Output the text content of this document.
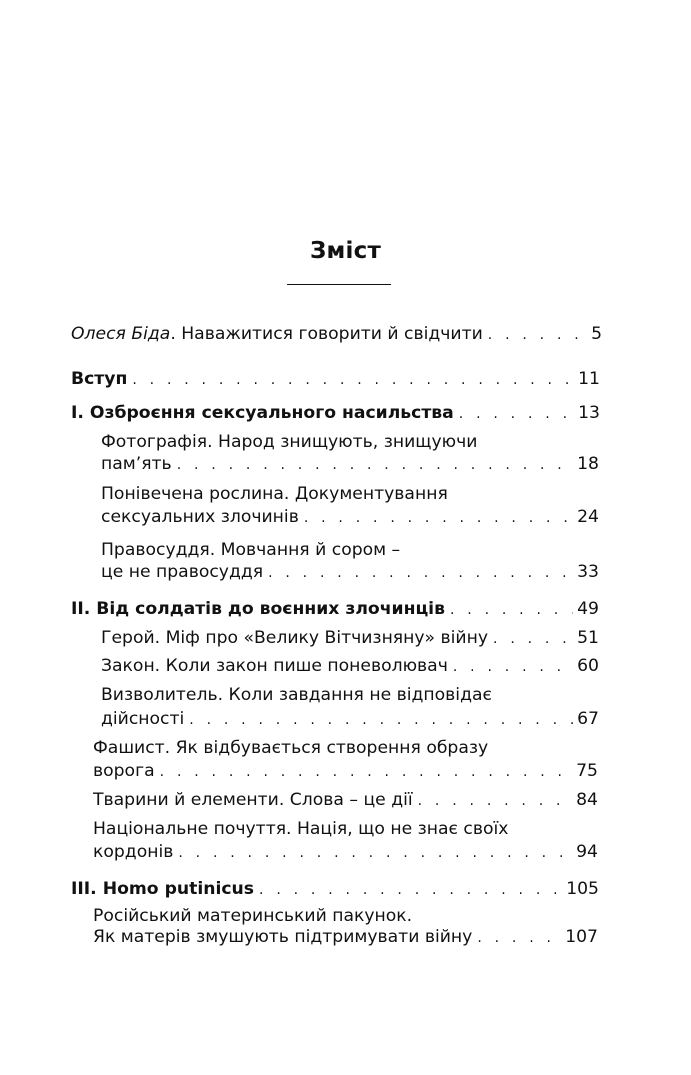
Зміст
Олеся Біда. Наважитися говорити й свідчити . . .	5
Вступ . . .	11
I. Озброєння сексуального насильства . . .	13
Фотографія. Народ знищують, знищуючи
пам’ять . . .	18
Понівечена рослина. Документування
сексуальних злочинів . . .	24
Правосуддя. Мовчання й сором –
це не правосуддя . . .	33
II. Від солдатів до воєнних злочинців . . .	49
Герой. Міф про «Велику Вітчизняну» війну . . .	51
Закон. Коли закон пише поневолювач . . .	60
Визволитель. Коли завдання не відповідає
дійсності . . .	67
Фашист. Як відбувається створення образу
ворога . . .	75
Тварини й елементи. Слова – це дії . . .	84
Національне почуття. Нація, що не знає своїх
кордонів . . .	94
III. Homo putinicus . . .	105
Російський материнський пакунок.
Як матерів змушують підтримувати війну . . .	107
